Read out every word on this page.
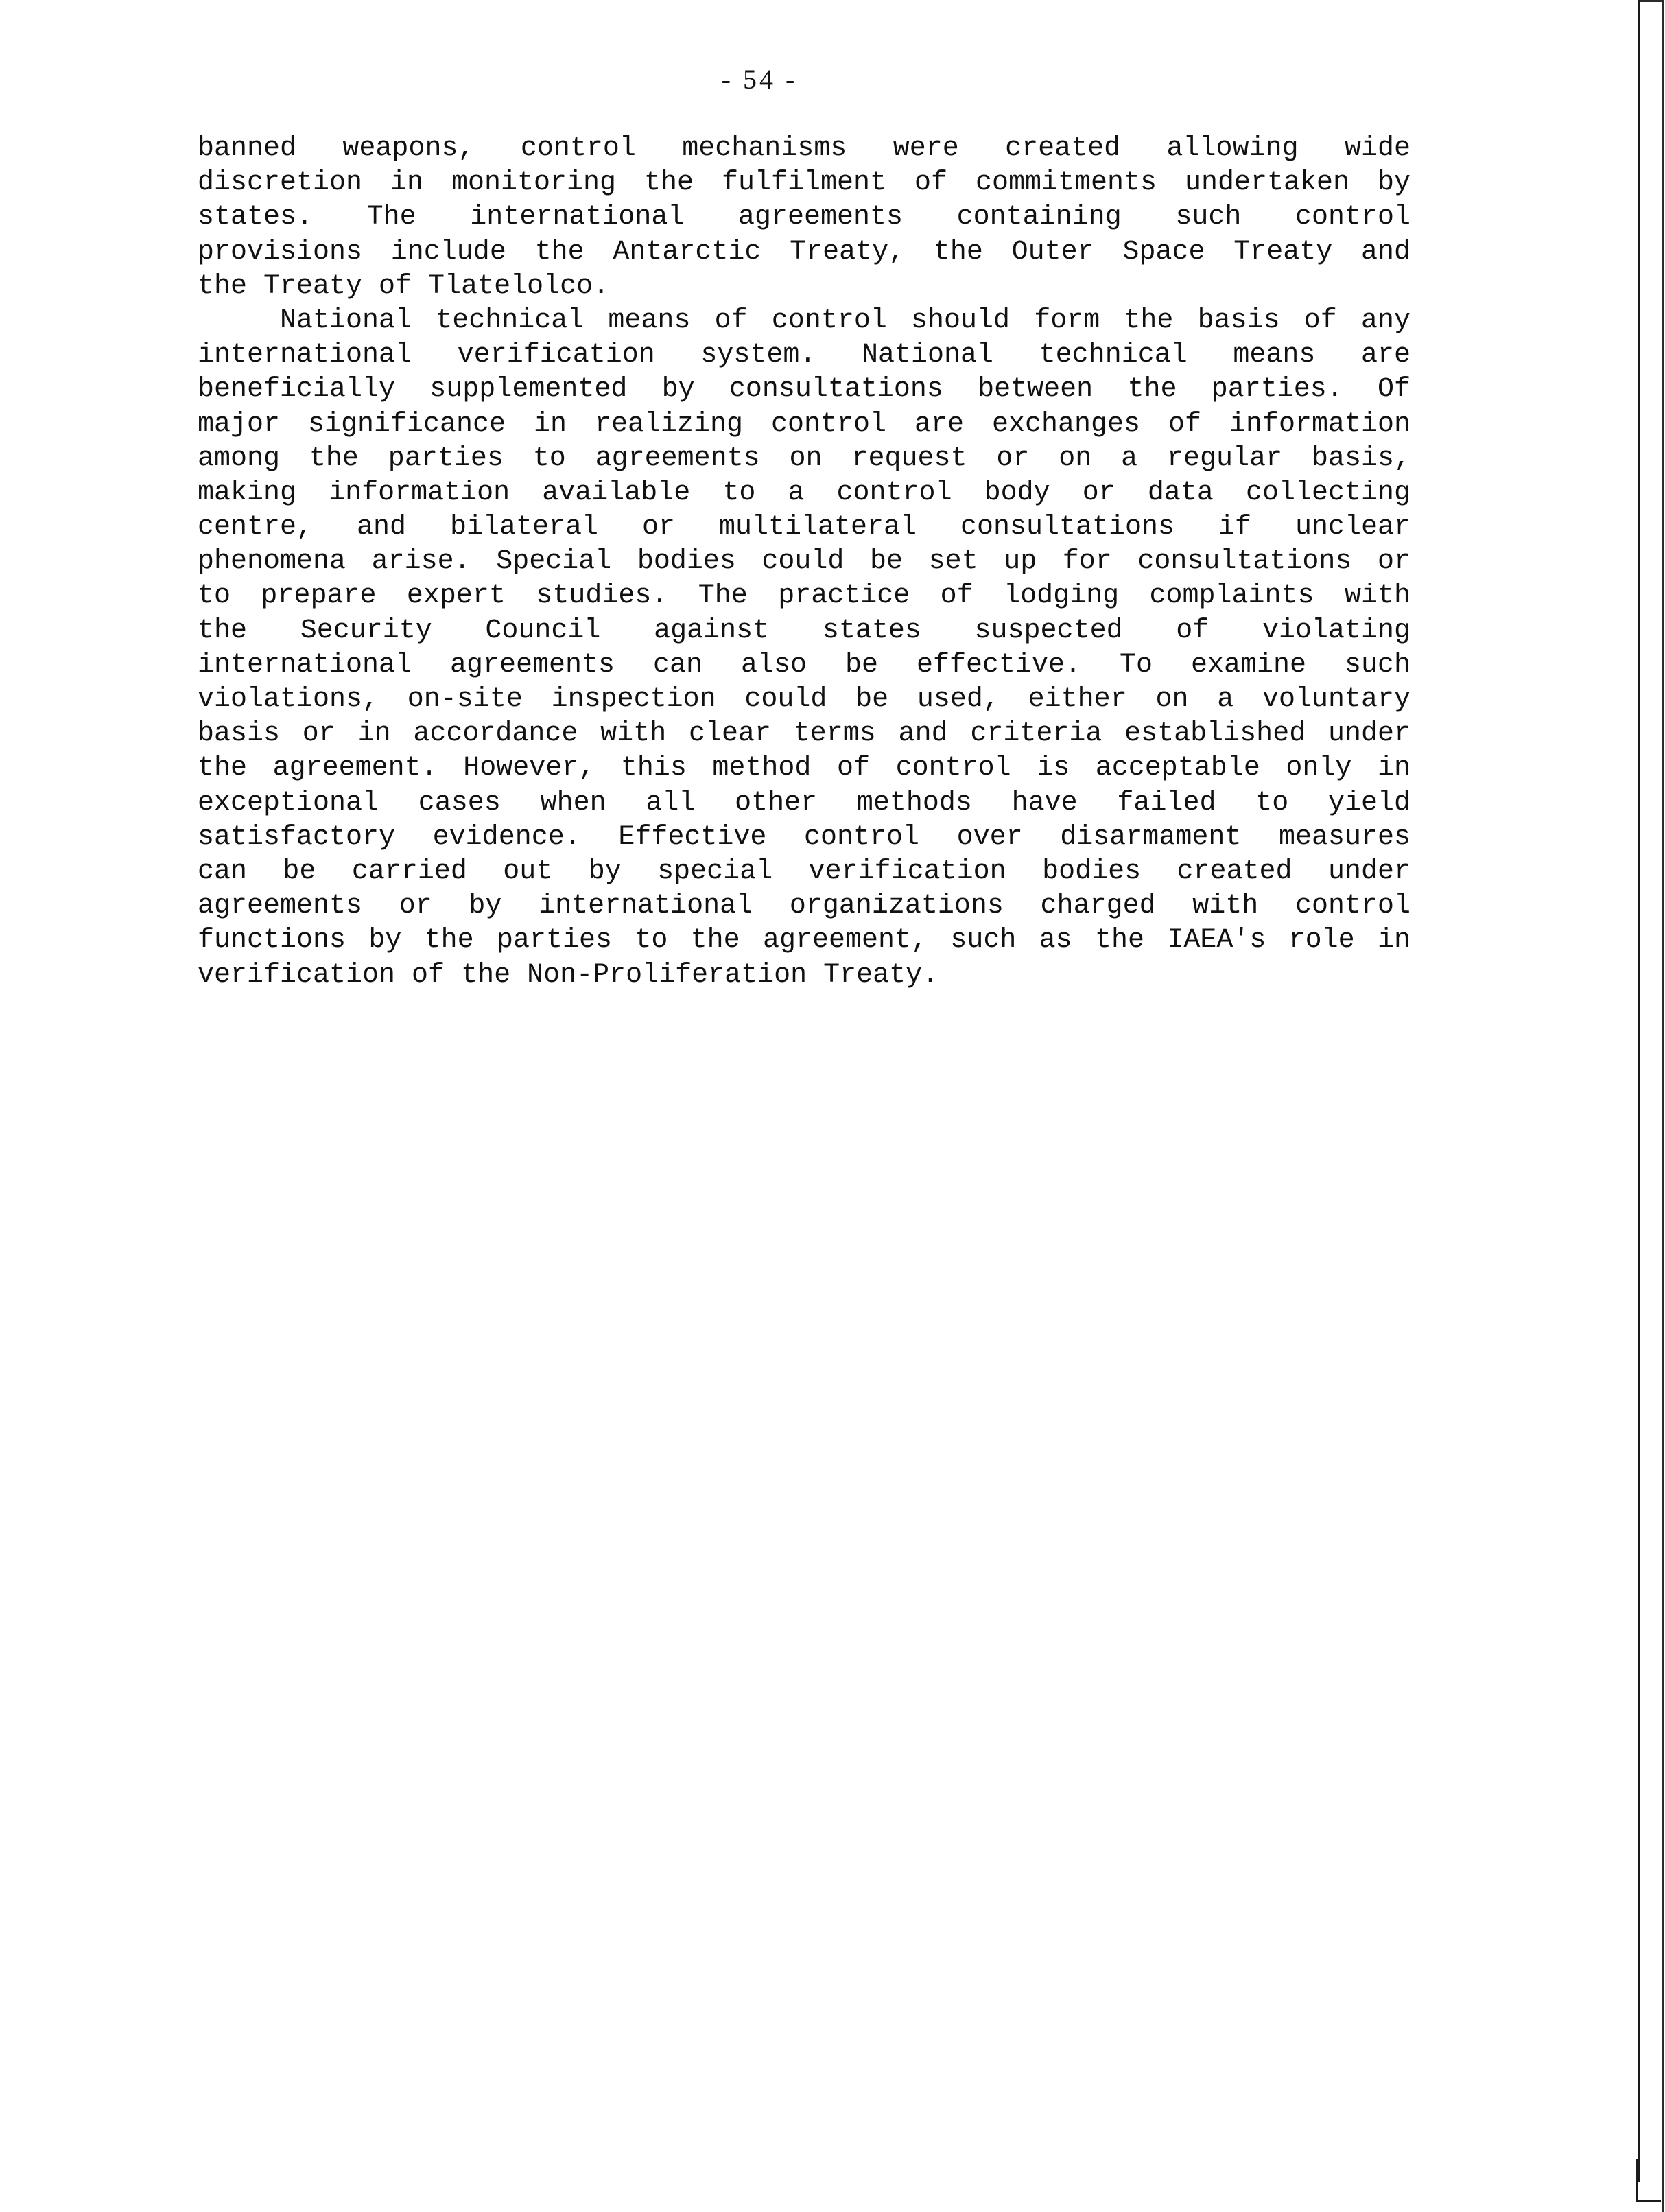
- 54 -
banned weapons, control mechanisms were created allowing wide
discretion in monitoring the fulfilment of commitments undertaken by
states. The international agreements containing such control
provisions include the Antarctic Treaty, the Outer Space Treaty and
the Treaty of Tlatelolco.
National technical means of control should form the basis of any
international verification system. National technical means are
beneficially supplemented by consultations between the parties. Of
major significance in realizing control are exchanges of information
among the parties to agreements on request or on a regular basis,
making information available to a control body or data collecting
centre, and bilateral or multilateral consultations if unclear
phenomena arise. Special bodies could be set up for consultations or
to prepare expert studies. The practice of lodging complaints with
the Security Council against states suspected of violating
international agreements can also be effective. To examine such
violations, on-site inspection could be used, either on a voluntary
basis or in accordance with clear terms and criteria established under
the agreement. However, this method of control is acceptable only in
exceptional cases when all other methods have failed to yield
satisfactory evidence. Effective control over disarmament measures
can be carried out by special verification bodies created under
agreements or by international organizations charged with control
functions by the parties to the agreement, such as the IAEA's role in
verification of the Non-Proliferation Treaty.
